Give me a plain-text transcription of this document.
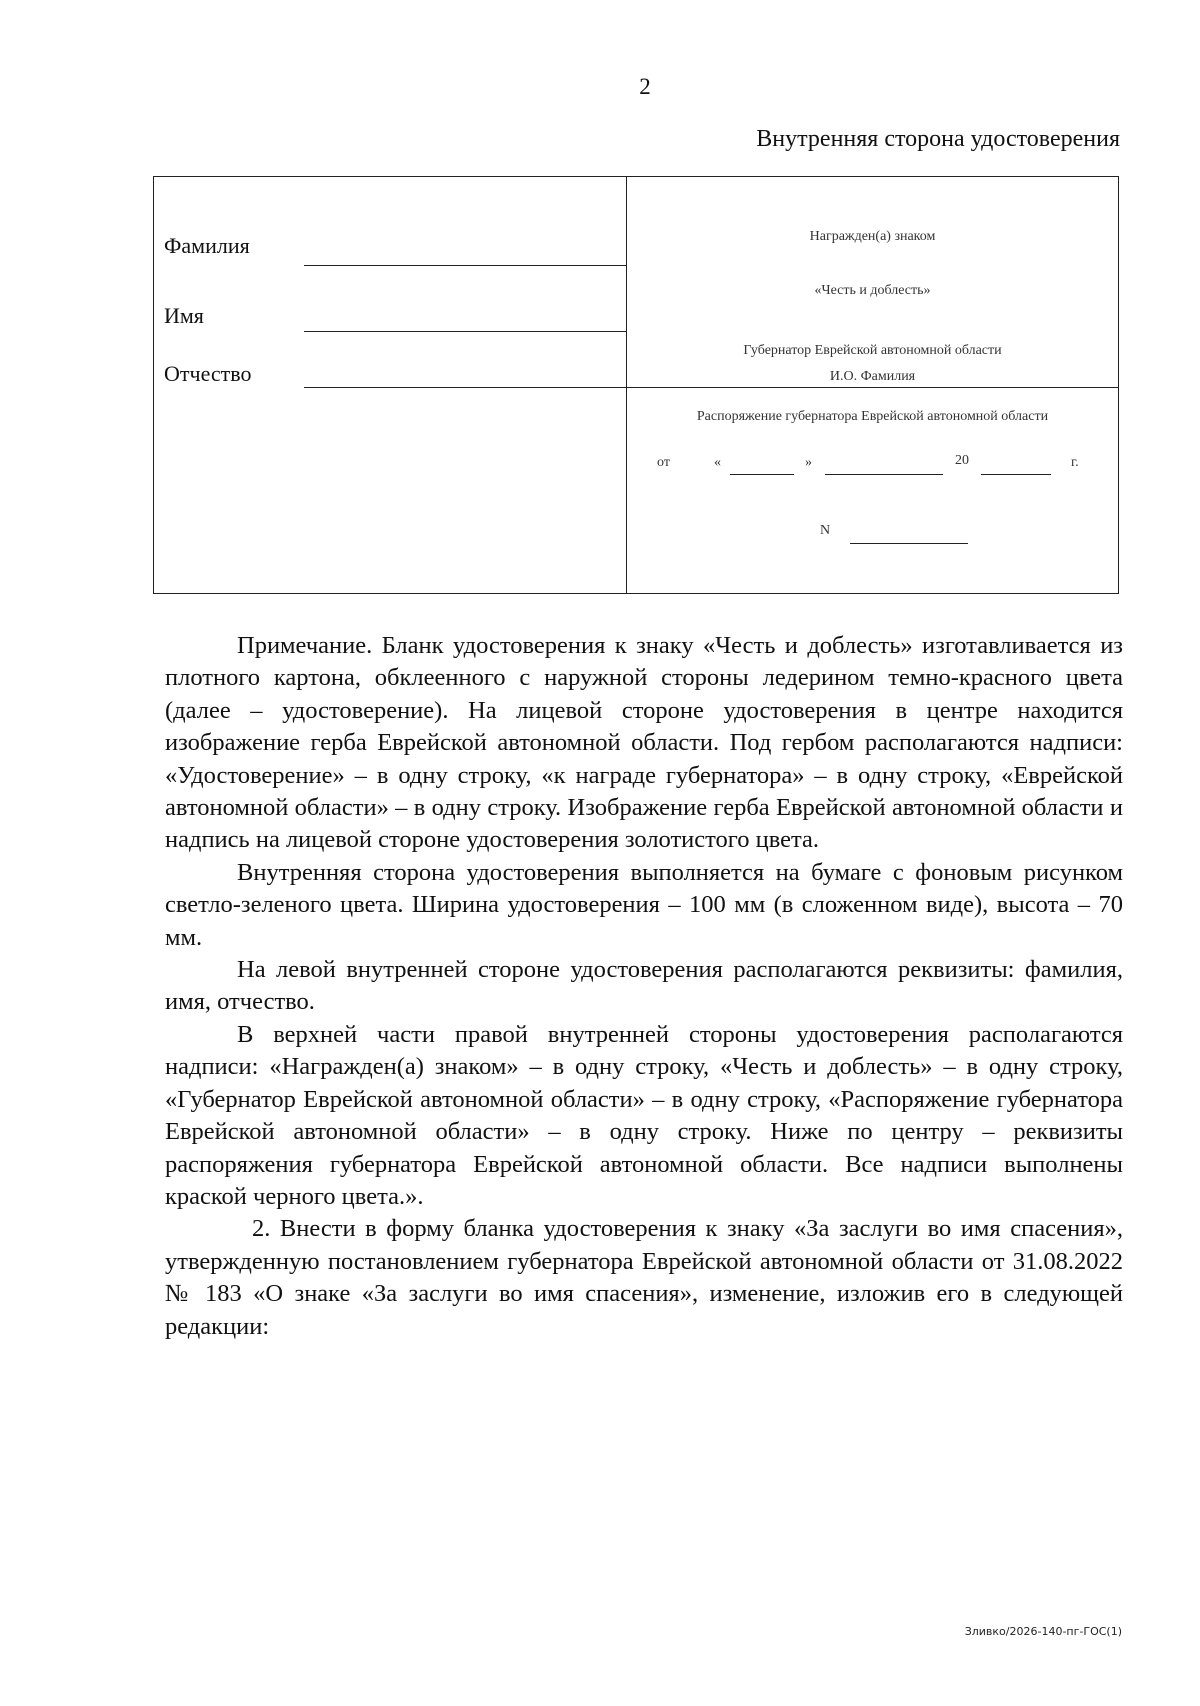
2
Внутренняя сторона удостоверения
Фамилия
Имя
Отчество
Награжден(а) знаком
«Честь и доблесть»
Губернатор Еврейской автономной области
И.О. Фамилия
Распоряжение губернатора Еврейской автономной области
от	«	»	20	г.
N

Примечание. Бланк удостоверения к знаку «Честь и доблесть» изготавливается из плотного картона, обклеенного с наружной стороны ледерином темно-красного цвета (далее – удостоверение). На лицевой стороне удостоверения в центре находится изображение герба Еврейской автономной области. Под гербом располагаются надписи: «Удостоверение» – в одну строку, «к награде губернатора» – в одну строку, «Еврейской автономной области» – в одну строку. Изображение герба Еврейской автономной области и надпись на лицевой стороне удостоверения золотистого цвета.

Внутренняя сторона удостоверения выполняется на бумаге с фоновым рисунком светло-зеленого цвета. Ширина удостоверения – 100 мм (в сложенном виде), высота – 70 мм.

На левой внутренней стороне удостоверения располагаются реквизиты: фамилия, имя, отчество.

В верхней части правой внутренней стороны удостоверения располагаются надписи: «Награжден(а) знаком» – в одну строку, «Честь и доблесть» – в одну строку, «Губернатор Еврейской автономной области» – в одну строку, «Распоряжение губернатора Еврейской автономной области» – в одну строку. Ниже по центру – реквизиты распоряжения губернатора Еврейской автономной области. Все надписи выполнены краской черного цвета.».

2. Внести в форму бланка удостоверения к знаку «За заслуги во имя спасения», утвержденную постановлением губернатора Еврейской автономной области от 31.08.2022 № 183 «О знаке «За заслуги во имя спасения», изменение, изложив его в следующей редакции:

Зливко/2026-140-пг-ГОС(1)
